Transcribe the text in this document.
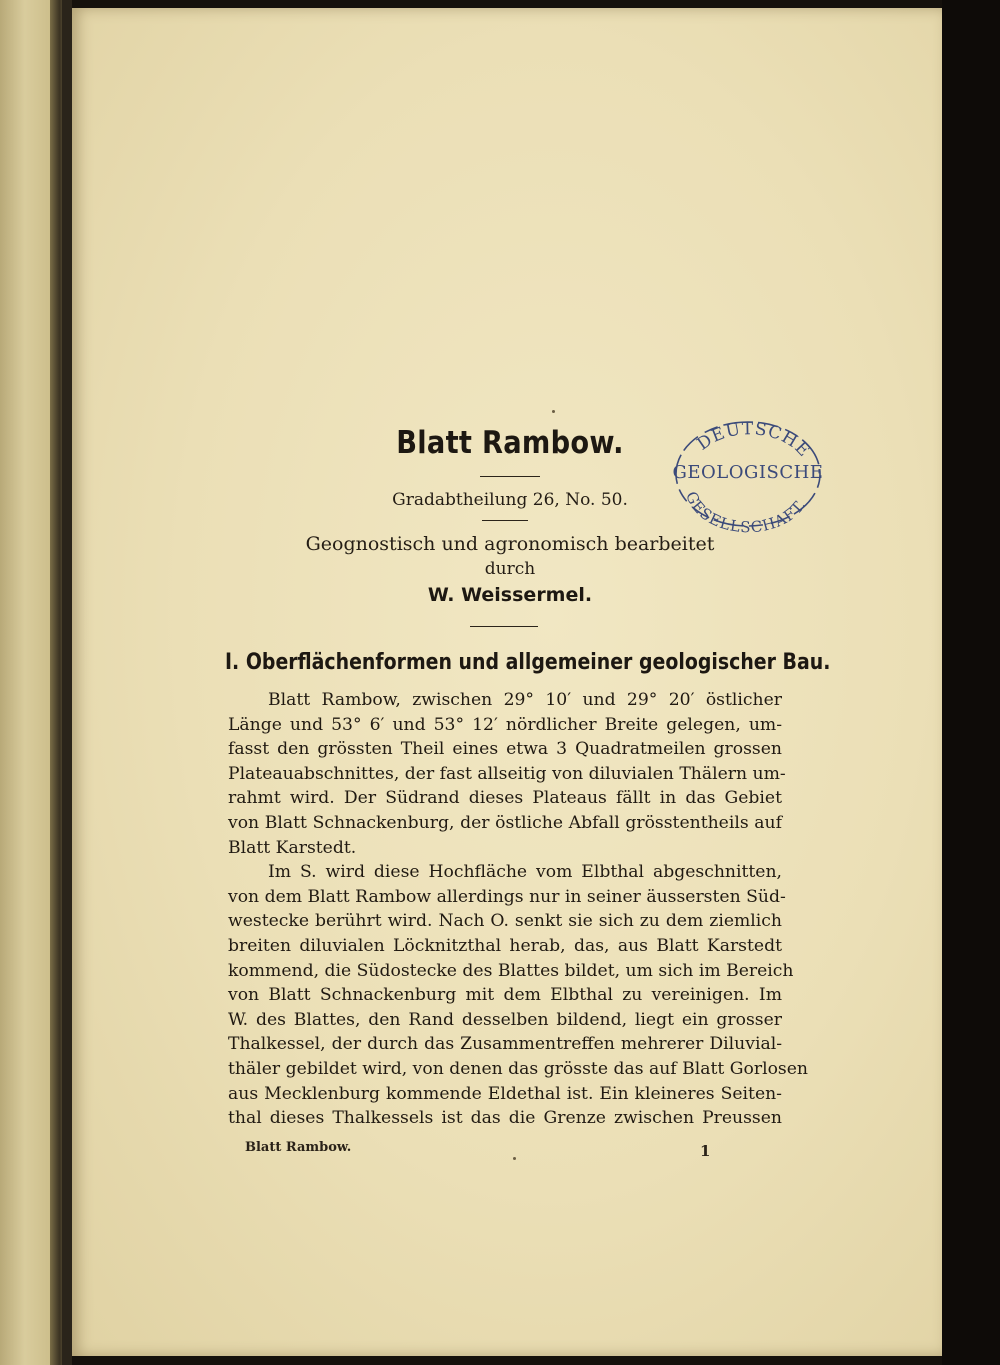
Blatt Rambow.
Gradabtheilung 26, No. 50.
Geognostisch und agronomisch bearbeitet
durch
W. Weissermel.
I. Oberflächenformen und allgemeiner geologischer Bau.
Blatt Rambow, zwischen 29° 10′ und 29° 20′ östlicher
Länge und 53° 6′ und 53° 12′ nördlicher Breite gelegen, um-
fasst den grössten Theil eines etwa 3 Quadratmeilen grossen
Plateauabschnittes, der fast allseitig von diluvialen Thälern um-
rahmt wird. Der Südrand dieses Plateaus fällt in das Gebiet
von Blatt Schnackenburg, der östliche Abfall grösstentheils auf
Blatt Karstedt.
Im S. wird diese Hochfläche vom Elbthal abgeschnitten,
von dem Blatt Rambow allerdings nur in seiner äussersten Süd-
westecke berührt wird. Nach O. senkt sie sich zu dem ziemlich
breiten diluvialen Löcknitzthal herab, das, aus Blatt Karstedt
kommend, die Südostecke des Blattes bildet, um sich im Bereich
von Blatt Schnackenburg mit dem Elbthal zu vereinigen. Im
W. des Blattes, den Rand desselben bildend, liegt ein grosser
Thalkessel, der durch das Zusammentreffen mehrerer Diluvial-
thäler gebildet wird, von denen das grösste das auf Blatt Gorlosen
aus Mecklenburg kommende Eldethal ist. Ein kleineres Seiten-
thal dieses Thalkessels ist das die Grenze zwischen Preussen
Blatt Rambow.	1
DEUTSCHE
GEOLOGISCHE
GESELLSCHAFT.
